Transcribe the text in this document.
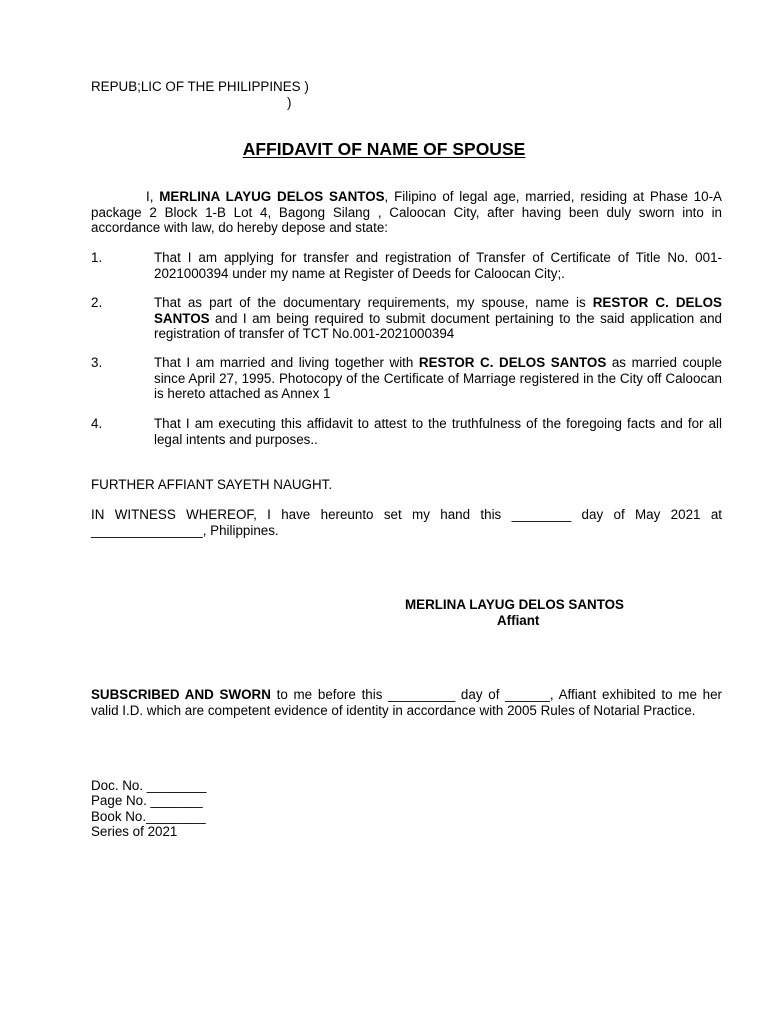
REPUB;LIC OF THE PHILIPPINES )
)
AFFIDAVIT OF NAME OF SPOUSE
I, MERLINA LAYUG DELOS SANTOS, Filipino of legal age, married, residing at Phase 10-A package 2 Block 1-B Lot 4, Bagong Silang , Caloocan City, after having been duly sworn into in accordance with law, do hereby depose and state:
1.	That I am applying for transfer and registration of Transfer of Certificate of Title No. 001-2021000394 under my name at Register of Deeds for Caloocan City;.
2.	That as part of the documentary requirements, my spouse, name is RESTOR C. DELOS SANTOS and I am being required to submit document pertaining to the said application and registration of transfer of TCT No.001-2021000394
3.	That I am married and living together with RESTOR C. DELOS SANTOS as married couple since April 27, 1995. Photocopy of the Certificate of Marriage registered in the City off Caloocan is hereto attached as Annex 1
4.	That I am executing this affidavit to attest to the truthfulness of the foregoing facts and for all legal intents and purposes..
FURTHER AFFIANT SAYETH NAUGHT.
IN WITNESS WHEREOF, I have hereunto set my hand this ________ day of May 2021 at _______________, Philippines.
MERLINA LAYUG DELOS SANTOS
Affiant
SUBSCRIBED AND SWORN to me before this _________ day of ______, Affiant exhibited to me her valid I.D. which are competent evidence of identity in accordance with 2005 Rules of Notarial Practice.
Doc. No. ________
Page No. _______
Book No.________
Series of 2021
